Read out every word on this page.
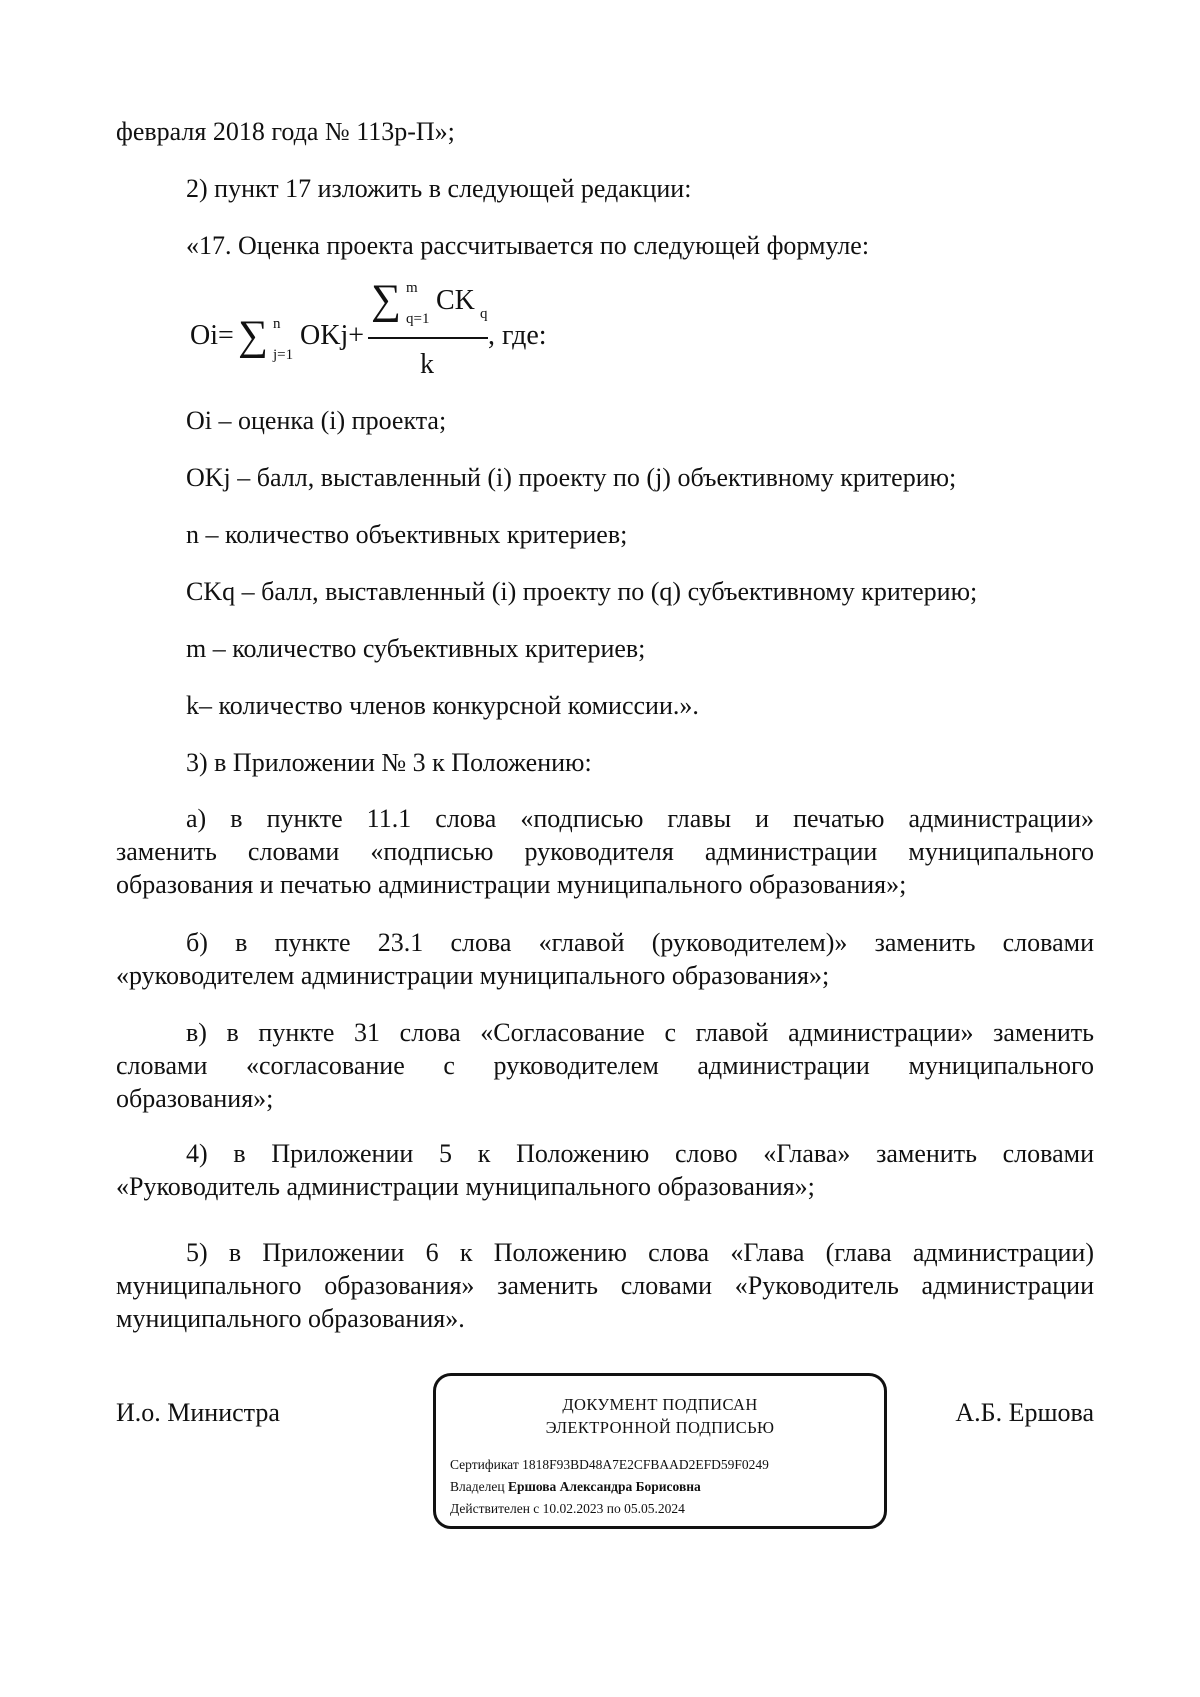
февраля 2018 года № 113р-П»;
2) пункт 17 изложить в следующей редакции:
«17. Оценка проекта рассчитывается по следующей формуле:
Oi= ∑ n
j=1
OKj+
∑ m
q=1
CK q
k
, где:
Oi – оценка (i) проекта;
OKj – балл, выставленный (i) проекту по (j) объективному критерию;
n – количество объективных критериев;
CKq – балл, выставленный (i) проекту по (q) субъективному критерию;
m – количество субъективных критериев;
k– количество членов конкурсной комиссии.».
3) в Приложении № 3 к Положению:
а) в пункте 11.1 слова «подписью главы и печатью администрации»
заменить словами «подписью руководителя администрации муниципального
образования и печатью администрации муниципального образования»;
б) в пункте 23.1 слова «главой (руководителем)» заменить словами
«руководителем администрации муниципального образования»;
в) в пункте 31 слова «Согласование с главой администрации» заменить
словами «согласование с руководителем администрации муниципального
образования»;
4) в Приложении 5 к Положению слово «Глава» заменить словами
«Руководитель администрации муниципального образования»;
5) в Приложении 6 к Положению слова «Глава (глава администрации)
муниципального образования» заменить словами «Руководитель администрации
муниципального образования».
И.о. Министра	А.Б. Ершова
ДОКУМЕНТ ПОДПИСАН
ЭЛЕКТРОННОЙ ПОДПИСЬЮ
Сертификат 1818F93BD48A7E2CFBAAD2EFD59F0249
Владелец Ершова Александра Борисовна
Действителен с 10.02.2023 по 05.05.2024
